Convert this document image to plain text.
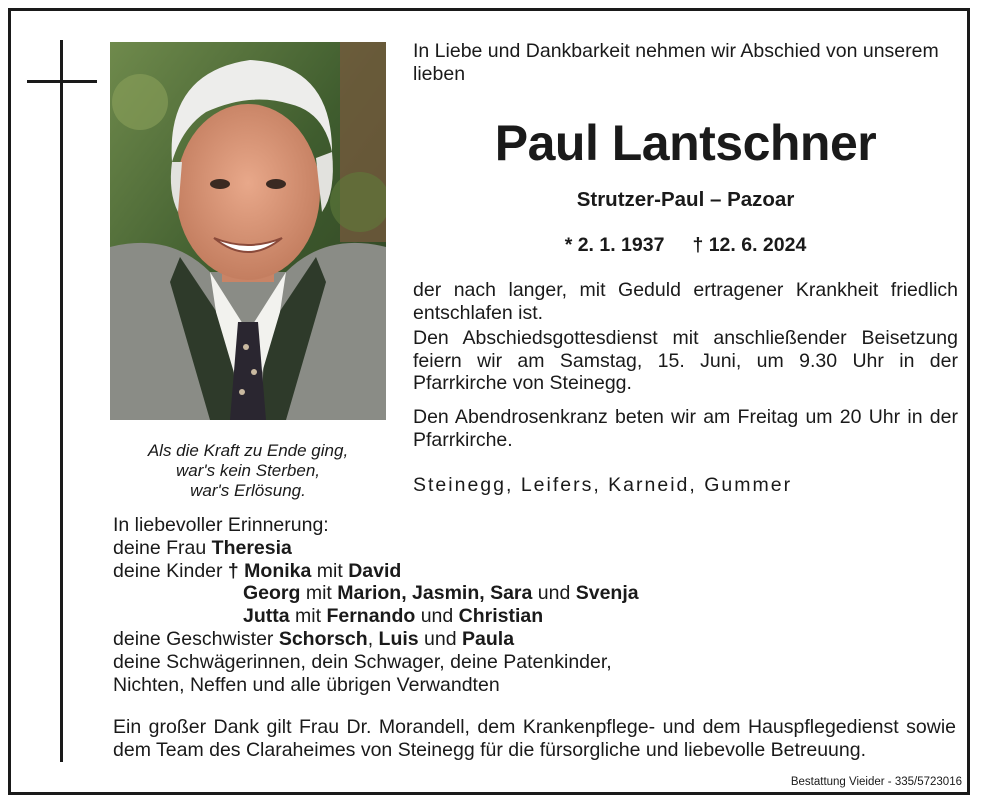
Als die Kraft zu Ende ging,
war's kein Sterben,
war's Erlösung.
In Liebe und Dankbarkeit nehmen wir Abschied von unserem lieben
Paul Lantschner
Strutzer-Paul – Pazoar
* 2. 1. 1937 † 12. 6. 2024
der nach langer, mit Geduld ertragener Krankheit friedlich entschlafen ist.
Den Abschiedsgottesdienst mit anschließender Beisetzung feiern wir am Samstag, 15. Juni, um 9.30 Uhr in der Pfarrkirche von Steinegg.
Den Abendrosenkranz beten wir am Freitag um 20 Uhr in der Pfarrkirche.
Steinegg, Leifers, Karneid, Gummer
In liebevoller Erinnerung:
deine Frau Theresia
deine Kinder † Monika mit David
Georg mit Marion, Jasmin, Sara und Svenja
Jutta mit Fernando und Christian
deine Geschwister Schorsch, Luis und Paula
deine Schwägerinnen, dein Schwager, deine Patenkinder,
Nichten, Neffen und alle übrigen Verwandten
Ein großer Dank gilt Frau Dr. Morandell, dem Krankenpflege- und dem Hauspflegedienst sowie dem Team des Claraheimes von Steinegg für die fürsorgliche und liebevolle Betreuung.
Bestattung Vieider - 335/5723016
